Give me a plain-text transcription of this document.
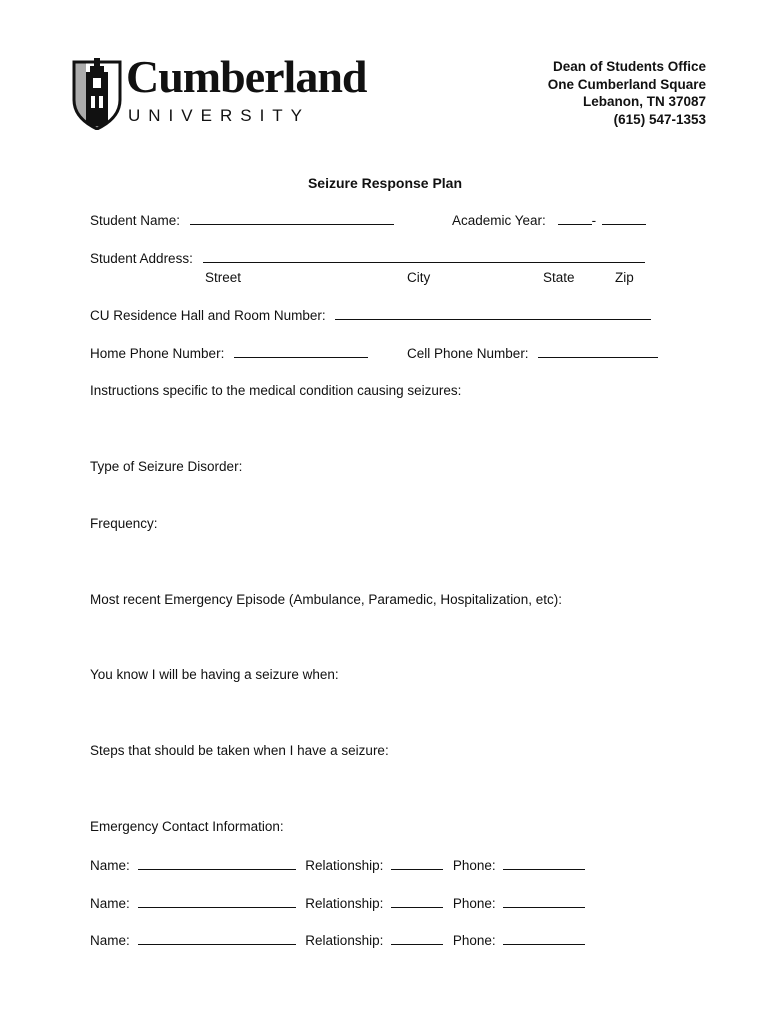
Cumberland
UNIVERSITY
Dean of Students Office
One Cumberland Square
Lebanon, TN 37087
(615) 547-1353
Seizure Response Plan
Student Name:	Academic Year:	-
Student Address:
Street	City	State	Zip
CU Residence Hall and Room Number:
Home Phone Number:	Cell Phone Number:
Instructions specific to the medical condition causing seizures:
Type of Seizure Disorder:
Frequency:
Most recent Emergency Episode (Ambulance, Paramedic, Hospitalization, etc):
You know I will be having a seizure when:
Steps that should be taken when I have a seizure:
Emergency Contact Information:
Name:	Relationship:	Phone:
Name:	Relationship:	Phone:
Name:	Relationship:	Phone:
